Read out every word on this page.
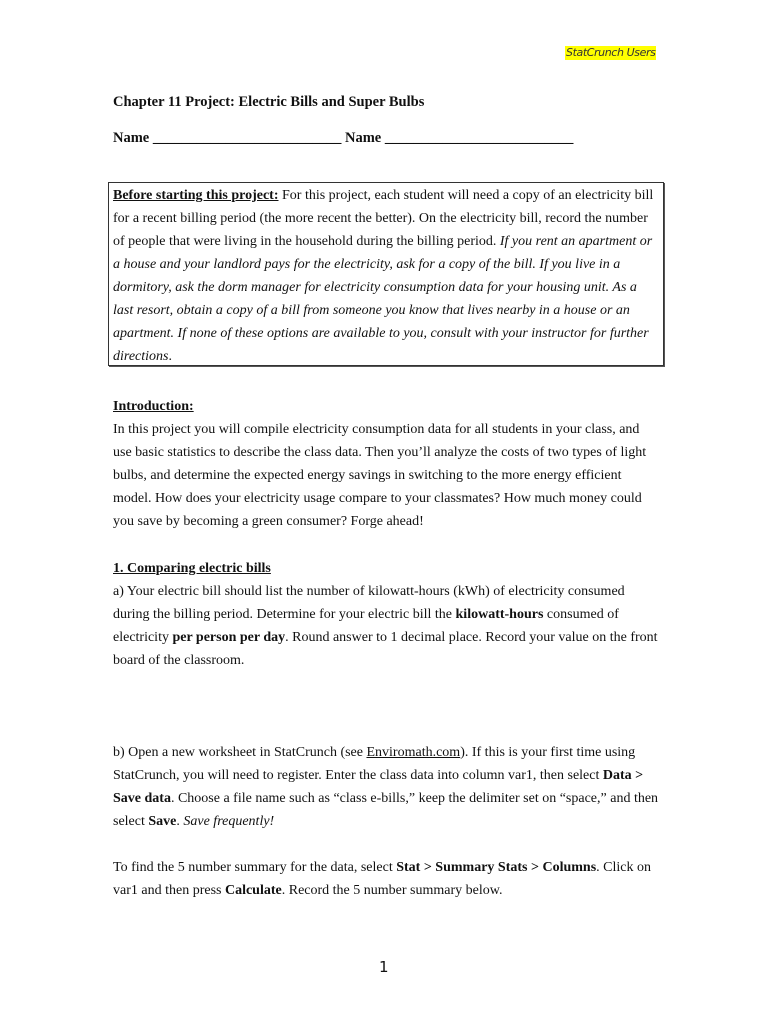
StatCrunch Users
Chapter 11 Project: Electric Bills and Super Bulbs
Name __________________________ Name __________________________
Before starting this project: For this project, each student will need a copy of an electricity bill for a recent billing period (the more recent the better). On the electricity bill, record the number of people that were living in the household during the billing period. If you rent an apartment or a house and your landlord pays for the electricity, ask for a copy of the bill. If you live in a dormitory, ask the dorm manager for electricity consumption data for your housing unit. As a last resort, obtain a copy of a bill from someone you know that lives nearby in a house or an apartment. If none of these options are available to you, consult with your instructor for further directions.
Introduction:
In this project you will compile electricity consumption data for all students in your class, and use basic statistics to describe the class data. Then you’ll analyze the costs of two types of light bulbs, and determine the expected energy savings in switching to the more energy efficient model. How does your electricity usage compare to your classmates? How much money could you save by becoming a green consumer? Forge ahead!
1. Comparing electric bills
a) Your electric bill should list the number of kilowatt-hours (kWh) of electricity consumed during the billing period. Determine for your electric bill the kilowatt-hours consumed of electricity per person per day. Round answer to 1 decimal place. Record your value on the front board of the classroom.
b) Open a new worksheet in StatCrunch (see Enviromath.com). If this is your first time using StatCrunch, you will need to register. Enter the class data into column var1, then select Data > Save data. Choose a file name such as “class e-bills,” keep the delimiter set on “space,” and then select Save. Save frequently!
To find the 5 number summary for the data, select Stat > Summary Stats > Columns. Click on var1 and then press Calculate. Record the 5 number summary below.
1
